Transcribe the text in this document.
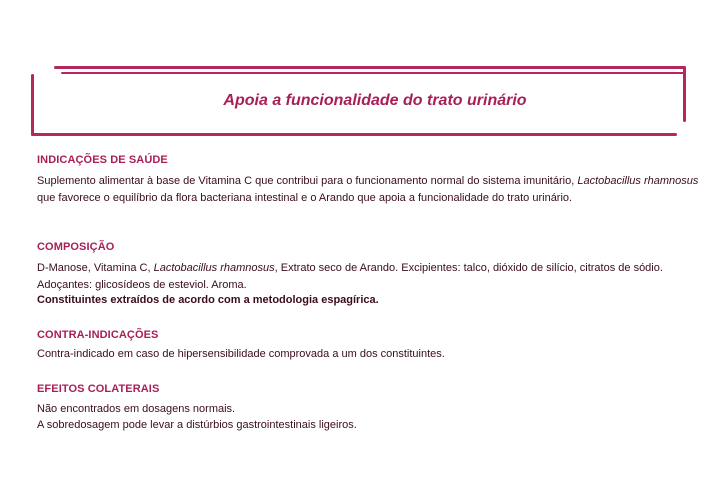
Apoia a funcionalidade do trato urinário
INDICAÇÕES DE SAÚDE
Suplemento alimentar à base de Vitamina C que contribui para o funcionamento normal do sistema imunitário, Lactobacillus rhamnosus
que favorece o equilíbrio da flora bacteriana intestinal e o Arando que apoia a funcionalidade do trato urinário.
COMPOSIÇÃO
D-Manose, Vitamina C, Lactobacillus rhamnosus, Extrato seco de Arando. Excipientes: talco, dióxido de silício, citratos de sódio.
Adoçantes: glicosídeos de esteviol. Aroma.
Constituintes extraídos de acordo com a metodologia espagírica.
CONTRA-INDICAÇÕES
Contra-indicado em caso de hipersensibilidade comprovada a um dos constituintes.
EFEITOS COLATERAIS
Não encontrados em dosagens normais.
A sobredosagem pode levar a distúrbios gastrointestinais ligeiros.
